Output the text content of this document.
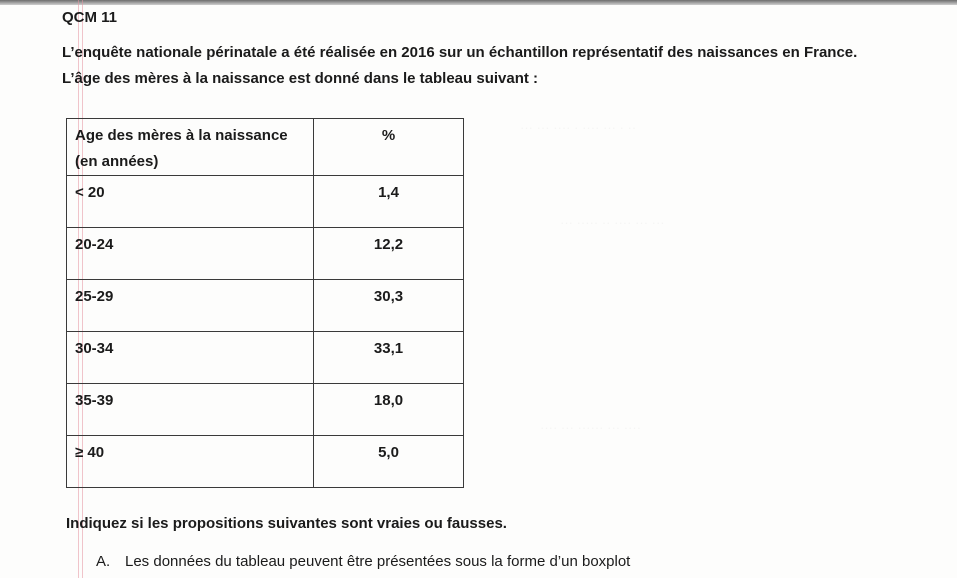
··· ··· ···· · ···· ··· · ··
··· ····· ·· ···· ··· ···
···· ··· ······ ··· ····
QCM 11
L’enquête nationale périnatale a été réalisée en 2016 sur un échantillon représentatif des naissances en France.
L’âge des mères à la naissance est donné dans le tableau suivant :
Age des mères à la naissance
(en années)	%
< 20	1,4
20-24	12,2
25-29	30,3
30-34	33,1
35-39	18,0
≥ 40	5,0
Indiquez si les propositions suivantes sont vraies ou fausses.
A. Les données du tableau peuvent être présentées sous la forme d’un boxplot
